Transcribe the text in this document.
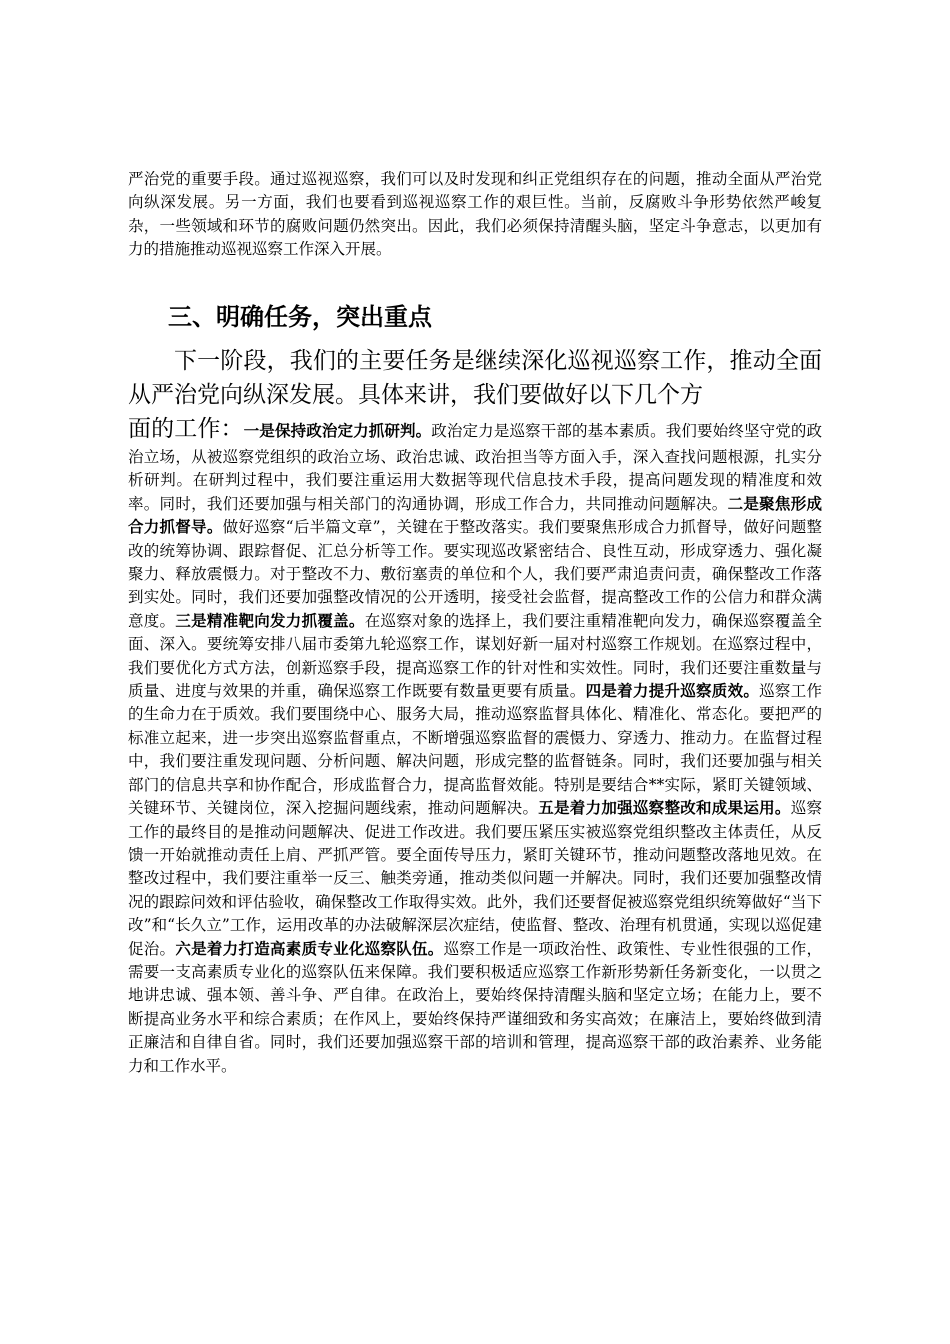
严治党的重要手段。通过巡视巡察，我们可以及时发现和纠正党组织存在的问题，推动全面从严治党向纵深发展。另一方面，我们也要看到巡视巡察工作的艰巨性。当前，反腐败斗争形势依然严峻复杂，一些领域和环节的腐败问题仍然突出。因此，我们必须保持清醒头脑，坚定斗争意志，以更加有力的措施推动巡视巡察工作深入开展。

三、明确任务，突出重点

下一阶段，我们的主要任务是继续深化巡视巡察工作，推动全面从严治党向纵深发展。具体来讲，我们要做好以下几个方
面的工作：一是保持政治定力抓研判。政治定力是巡察干部的基本素质。我们要始终坚守党的政治立场，从被巡察党组织的政治立场、政治忠诚、政治担当等方面入手，深入查找问题根源，扎实分析研判。在研判过程中，我们要注重运用大数据等现代信息技术手段，提高问题发现的精准度和效率。同时，我们还要加强与相关部门的沟通协调，形成工作合力，共同推动问题解决。二是聚焦形成合力抓督导。做好巡察“后半篇文章”，关键在于整改落实。我们要聚焦形成合力抓督导，做好问题整改的统筹协调、跟踪督促、汇总分析等工作。要实现巡改紧密结合、良性互动，形成穿透力、强化凝聚力、释放震慑力。对于整改不力、敷衍塞责的单位和个人，我们要严肃追责问责，确保整改工作落到实处。同时，我们还要加强整改情况的公开透明，接受社会监督，提高整改工作的公信力和群众满意度。三是精准靶向发力抓覆盖。在巡察对象的选择上，我们要注重精准靶向发力，确保巡察覆盖全面、深入。要统筹安排八届市委第九轮巡察工作，谋划好新一届对村巡察工作规划。在巡察过程中，我们要优化方式方法，创新巡察手段，提高巡察工作的针对性和实效性。同时，我们还要注重数量与质量、进度与效果的并重，确保巡察工作既要有数量更要有质量。四是着力提升巡察质效。巡察工作的生命力在于质效。我们要围绕中心、服务大局，推动巡察监督具体化、精准化、常态化。要把严的标准立起来，进一步突出巡察监督重点，不断增强巡察监督的震慑力、穿透力、推动力。在监督过程中，我们要注重发现问题、分析问题、解决问题，形成完整的监督链条。同时，我们还要加强与相关部门的信息共享和协作配合，形成监督合力，提高监督效能。特别是要结合**实际，紧盯关键领域、关键环节、关键岗位，深入挖掘问题线索，推动问题解决。五是着力加强巡察整改和成果运用。巡察工作的最终目的是推动问题解决、促进工作改进。我们要压紧压实被巡察党组织整改主体责任，从反馈一开始就推动责任上肩、严抓严管。要全面传导压力，紧盯关键环节，推动问题整改落地见效。在整改过程中，我们要注重举一反三、触类旁通，推动类似问题一并解决。同时，我们还要加强整改情况的跟踪问效和评估验收，确保整改工作取得实效。此外，我们还要督促被巡察党组织统筹做好“当下改”和“长久立”工作，运用改革的办法破解深层次症结，使监督、整改、治理有机贯通，实现以巡促建促治。六是着力打造高素质专业化巡察队伍。巡察工作是一项政治性、政策性、专业性很强的工作，需要一支高素质专业化的巡察队伍来保障。我们要积极适应巡察工作新形势新任务新变化，一以贯之地讲忠诚、强本领、善斗争、严自律。在政治上，要始终保持清醒头脑和坚定立场；在能力上，要不断提高业务水平和综合素质；在作风上，要始终保持严谨细致和务实高效；在廉洁上，要始终做到清正廉洁和自律自省。同时，我们还要加强巡察干部的培训和管理，提高巡察干部的政治素养、业务能力和工作水平。
